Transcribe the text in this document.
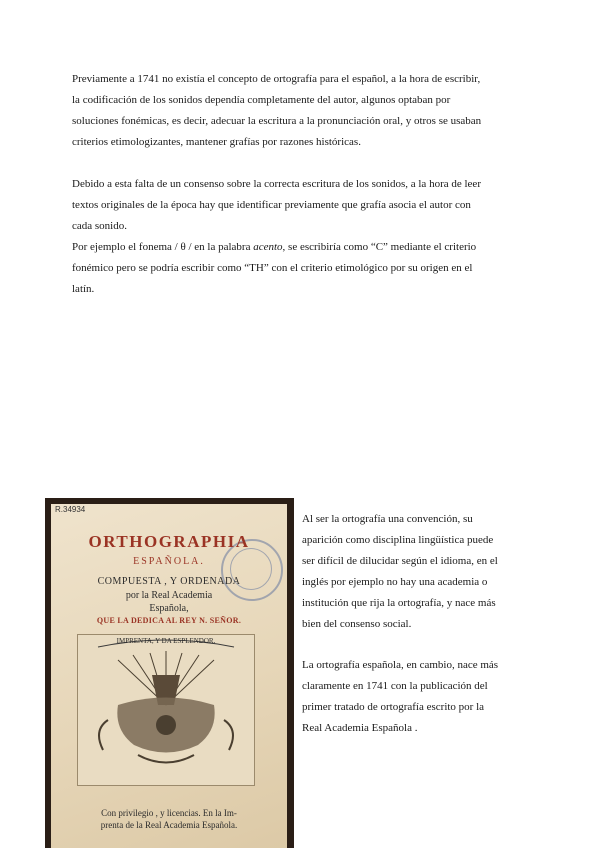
Previamente a 1741 no existía el concepto de ortografía para el español, a la hora de escribir,
la codificación de los sonidos dependía completamente del autor, algunos optaban por
soluciones fonémicas, es decir, adecuar la escritura a la pronunciación oral, y otros se usaban
criterios etimologizantes, mantener grafías por razones históricas.
Debido a esta falta de un consenso sobre la correcta escritura de los sonidos, a la hora de leer
textos originales de la época hay que identificar previamente que grafía asocia el autor con
cada sonido.
Por ejemplo el fonema / θ / en la palabra acento, se escribiría como “C” mediante el criterio
fonémico pero se podría escribir como “TH” con el criterio etimológico por su origen en el
latín.
R.34934
ORTHOGRAPHIA
ESPAÑOLA.
COMPUESTA , Y ORDENADA
por la Real Academia
Española,
QUE LA DEDICA AL REY N. SEÑOR.
IMPRENTA, Y DA ESPLENDOR.
Con privilegio , y licencias. En la Im-
prenta de la Real Academia Española.
Al ser la ortografía una convención, su
aparición como disciplina lingüística puede
ser difícil de dilucidar según el idioma, en el
inglés por ejemplo no hay una academia o
institución que rija la ortografía, y nace más
bien del consenso social.
La ortografía española, en cambio, nace más
claramente en 1741 con la publicación del
primer tratado de ortografía escrito por la
Real Academia Española .
